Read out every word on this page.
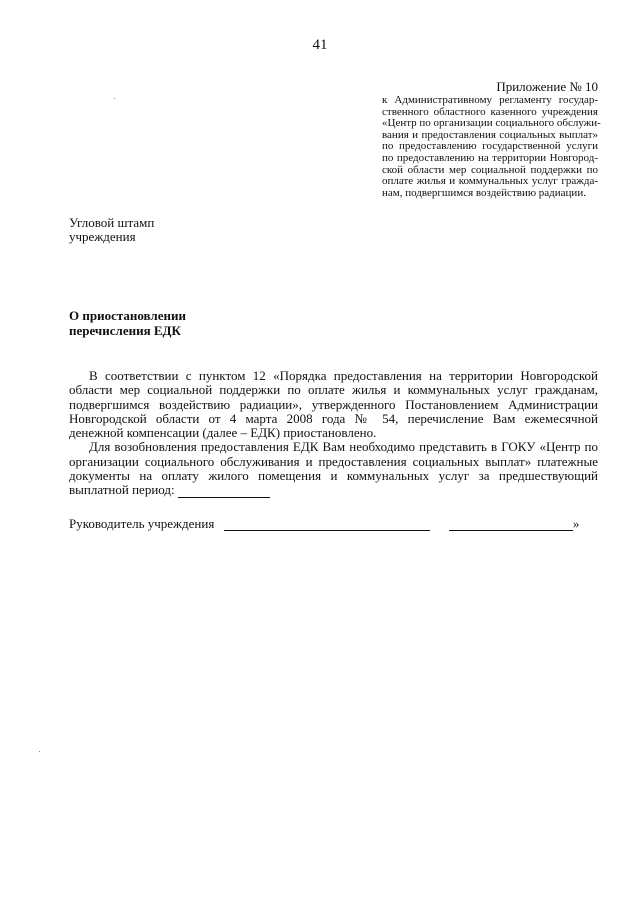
41
Приложение № 10
к Административному регламенту государ-
ственного областного казенного учреждения
«Центр по организации социального обслужи-
вания и предоставления социальных выплат»
по предоставлению государственной услуги
по предоставлению на территории Новгород-
ской области мер социальной поддержки по
оплате жилья и коммунальных услуг гражда-
нам, подвергшимся воздействию радиации.
Угловой штамп
учреждения
О приостановлении
перечисления ЕДК
В соответствии с пунктом 12 «Порядка предоставления на территории Новгородской
области мер социальной поддержки по оплате жилья и коммунальных услуг гражданам,
подвергшимся воздействию радиации», утвержденного Постановлением Администрации
Новгородской области от 4 марта 2008 года № 54, перечисление Вам ежемесячной
денежной компенсации (далее – ЕДК) приостановлено.
Для возобновления предоставления ЕДК Вам необходимо представить в ГОКУ «Центр по
организации социального обслуживания и предоставления социальных выплат» платежные
документы на оплату жилого помещения и коммунальных услуг за предшествующий
выплатной период:
Руководитель учреждения	»
